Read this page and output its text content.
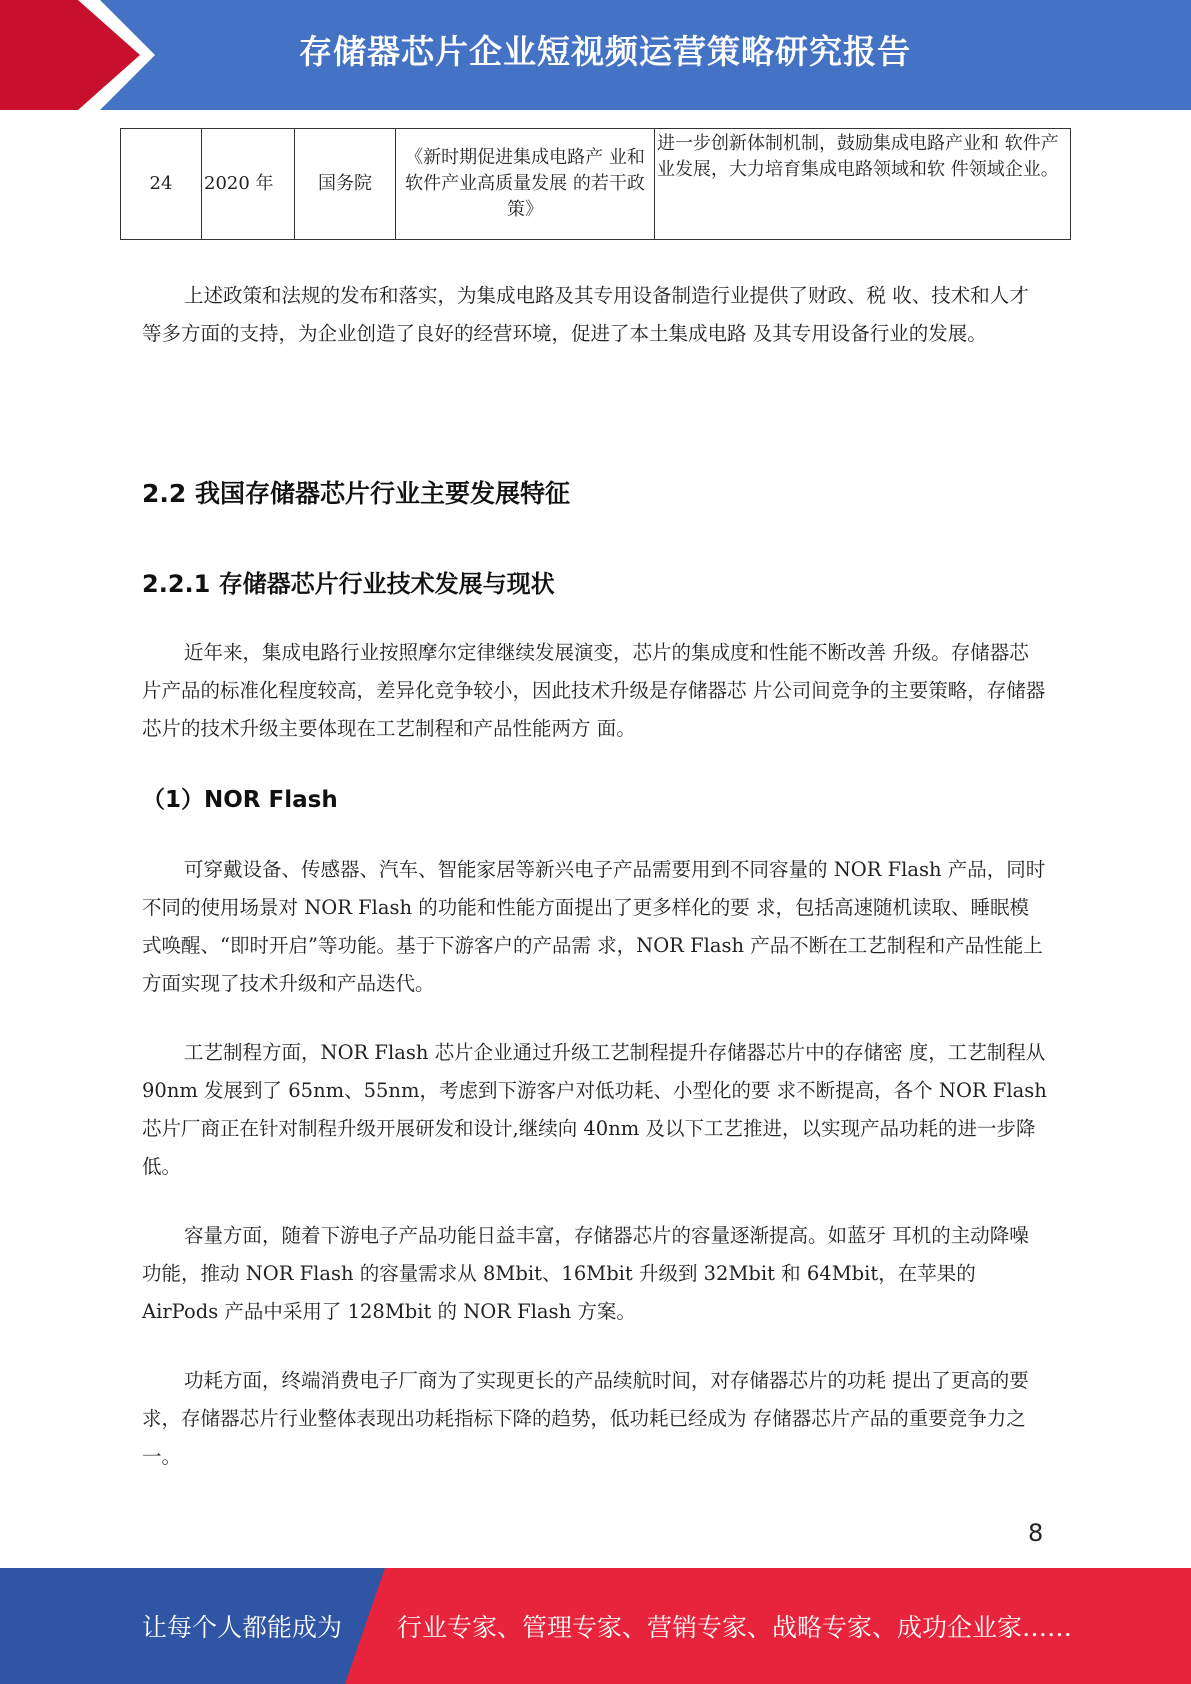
存储器芯片企业短视频运营策略研究报告
24	2020 年	国务院	《新时期促进集成电路产 业和软件产业高质量发展 的若干政策》	进一步创新体制机制，鼓励集成电路产业和 软件产业发展，大力培育集成电路领域和软 件领域企业。

上述政策和法规的发布和落实，为集成电路及其专用设备制造行业提供了财政、税 收、技术和人才等多方面的支持，为企业创造了良好的经营环境，促进了本土集成电路 及其专用设备行业的发展。

2.2 我国存储器芯片行业主要发展特征
2.2.1 存储器芯片行业技术发展与现状

近年来，集成电路行业按照摩尔定律继续发展演变，芯片的集成度和性能不断改善 升级。存储器芯片产品的标准化程度较高，差异化竞争较小，因此技术升级是存储器芯 片公司间竞争的主要策略，存储器芯片的技术升级主要体现在工艺制程和产品性能两方 面。

（1）NOR Flash

可穿戴设备、传感器、汽车、智能家居等新兴电子产品需要用到不同容量的 NOR Flash 产品，同时不同的使用场景对 NOR Flash 的功能和性能方面提出了更多样化的要 求，包括高速随机读取、睡眠模式唤醒、“即时开启”等功能。基于下游客户的产品需 求，NOR Flash 产品不断在工艺制程和产品性能上方面实现了技术升级和产品迭代。

工艺制程方面，NOR Flash 芯片企业通过升级工艺制程提升存储器芯片中的存储密 度，工艺制程从 90nm 发展到了 65nm、55nm，考虑到下游客户对低功耗、小型化的要 求不断提高，各个 NOR Flash 芯片厂商正在针对制程升级开展研发和设计,继续向 40nm 及以下工艺推进，以实现产品功耗的进一步降低。

容量方面，随着下游电子产品功能日益丰富，存储器芯片的容量逐渐提高。如蓝牙 耳机的主动降噪功能，推动 NOR Flash 的容量需求从 8Mbit、16Mbit 升级到 32Mbit 和 64Mbit，在苹果的 AirPods 产品中采用了 128Mbit 的 NOR Flash 方案。

功耗方面，终端消费电子厂商为了实现更长的产品续航时间，对存储器芯片的功耗 提出了更高的要求，存储器芯片行业整体表现出功耗指标下降的趋势，低功耗已经成为 存储器芯片产品的重要竞争力之一。

8
让每个人都能成为 行业专家、管理专家、营销专家、战略专家、成功企业家……
